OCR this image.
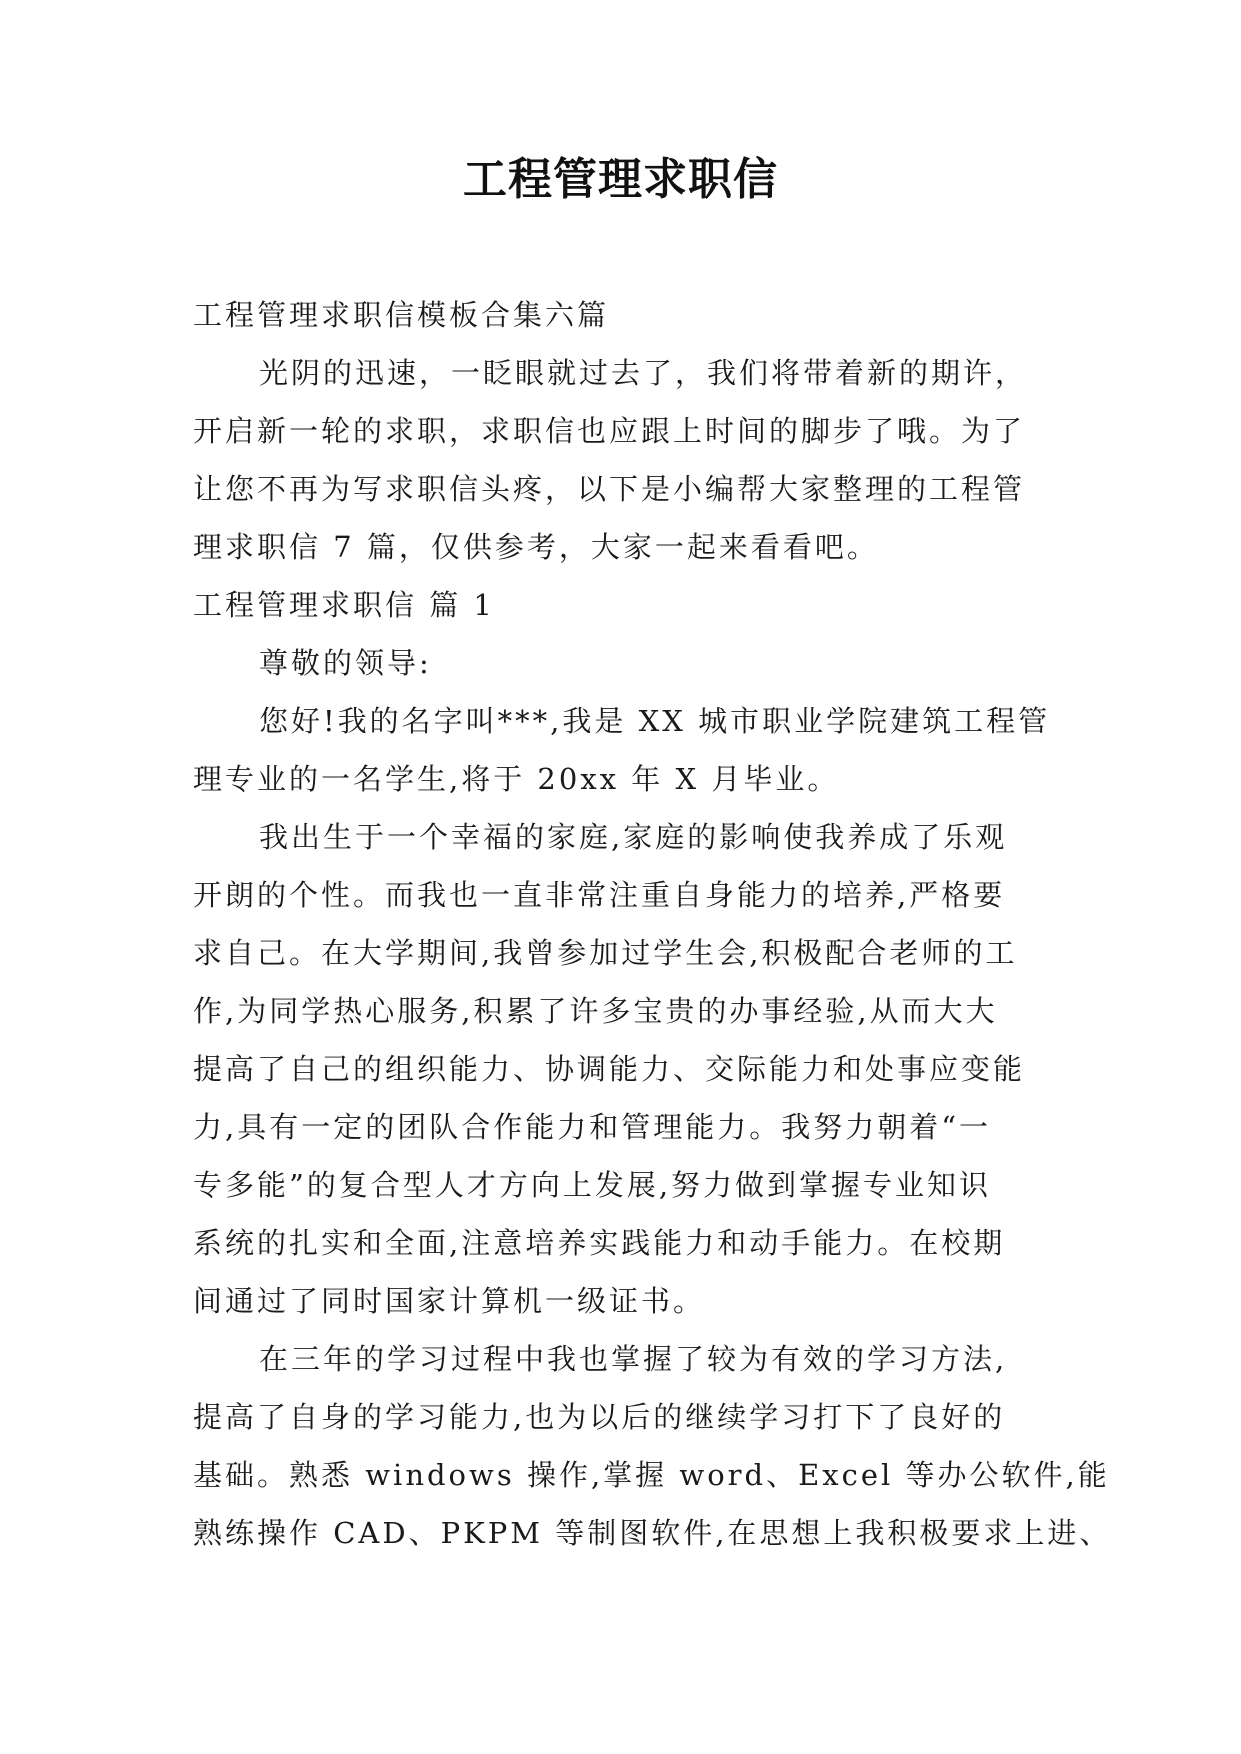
工程管理求职信
工程管理求职信模板合集六篇
光阴的迅速，一眨眼就过去了，我们将带着新的期许，
开启新一轮的求职，求职信也应跟上时间的脚步了哦。为了
让您不再为写求职信头疼，以下是小编帮大家整理的工程管
理求职信 7 篇，仅供参考，大家一起来看看吧。
工程管理求职信 篇 1
尊敬的领导:
您好!我的名字叫***,我是 XX 城市职业学院建筑工程管
理专业的一名学生,将于 20xx 年 X 月毕业。
我出生于一个幸福的家庭,家庭的影响使我养成了乐观
开朗的个性。而我也一直非常注重自身能力的培养,严格要
求自己。在大学期间,我曾参加过学生会,积极配合老师的工
作,为同学热心服务,积累了许多宝贵的办事经验,从而大大
提高了自己的组织能力、协调能力、交际能力和处事应变能
力,具有一定的团队合作能力和管理能力。我努力朝着“一
专多能”的复合型人才方向上发展,努力做到掌握专业知识
系统的扎实和全面,注意培养实践能力和动手能力。在校期
间通过了同时国家计算机一级证书。
在三年的学习过程中我也掌握了较为有效的学习方法,
提高了自身的学习能力,也为以后的继续学习打下了良好的
基础。熟悉 windows 操作,掌握 word、Excel 等办公软件,能
熟练操作 CAD、PKPM 等制图软件,在思想上我积极要求上进、
